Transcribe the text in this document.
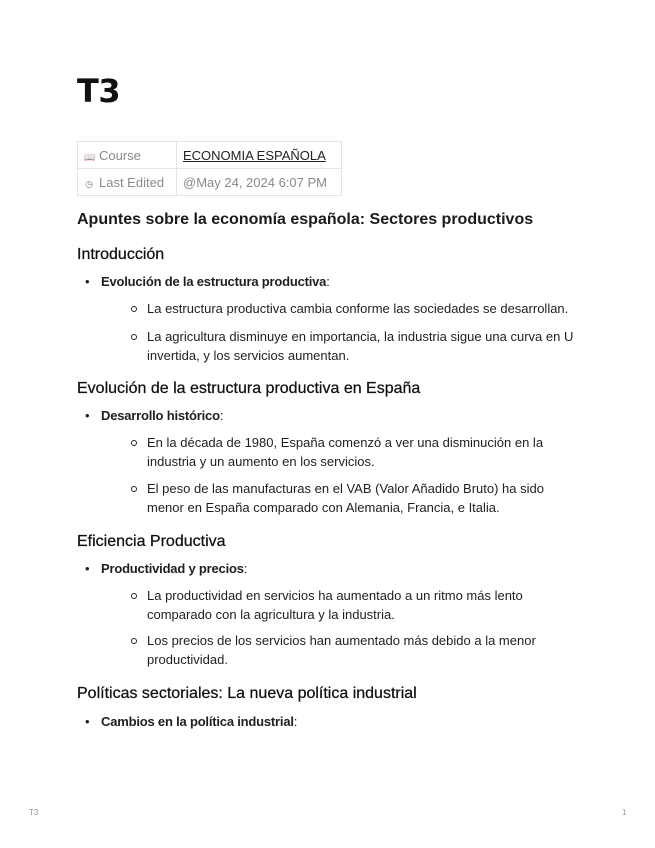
T3
📖 Course	ECONOMIA ESPAÑOLA
◷ Last Edited	@May 24, 2024 6:07 PM
Apuntes sobre la economía española: Sectores productivos
Introducción
• Evolución de la estructura productiva:
La estructura productiva cambia conforme las sociedades se desarrollan.
La agricultura disminuye en importancia, la industria sigue una curva en U invertida, y los servicios aumentan.
Evolución de la estructura productiva en España
• Desarrollo histórico:
En la década de 1980, España comenzó a ver una disminución en la industria y un aumento en los servicios.
El peso de las manufacturas en el VAB (Valor Añadido Bruto) ha sido menor en España comparado con Alemania, Francia, e Italia.
Eficiencia Productiva
• Productividad y precios:
La productividad en servicios ha aumentado a un ritmo más lento comparado con la agricultura y la industria.
Los precios de los servicios han aumentado más debido a la menor productividad.
Políticas sectoriales: La nueva política industrial
• Cambios en la política industrial:
T3	1
